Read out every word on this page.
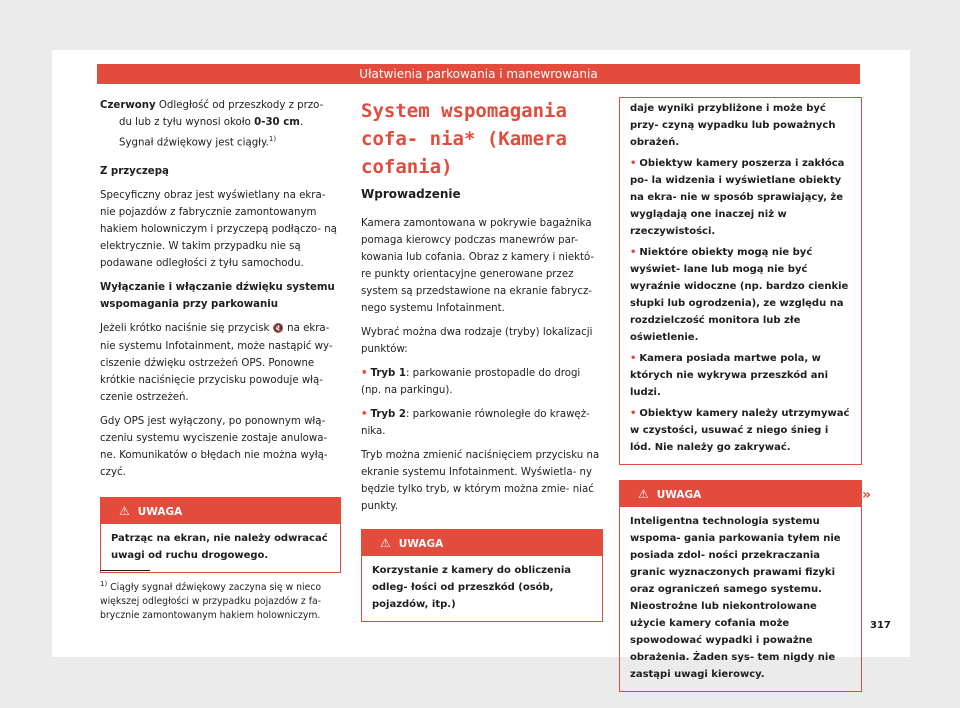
Ułatwienia parkowania i manewrowania

Czerwony Odległość od przeszkody z przo-
du lub z tyłu wynosi około 0-30 cm.
Sygnał dźwiękowy jest ciągły.$^{1)}$

Z przyczepą

Specyficzny obraz jest wyświetlany na ekra- nie pojazdów z fabrycznie zamontowanym hakiem holowniczym i przyczepą podłączo- ną elektrycznie. W takim przypadku nie są podawane odległości z tyłu samochodu.

Wyłączanie i włączanie dźwięku systemu wspomagania przy parkowaniu

Jeżeli krótko naciśnie się przycisk 🔇 na ekra- nie systemu Infotainment, może nastąpić wy- ciszenie dźwięku ostrzeżeń OPS. Ponowne krótkie naciśnięcie przycisku powoduje włą- czenie ostrzeżeń.

Gdy OPS jest wyłączony, po ponownym włą- czeniu systemu wyciszenie zostaje anulowa- ne. Komunikatów o błędach nie można wyłą- czyć.

⚠ UWAGA
Patrząc na ekran, nie należy odwracać uwagi od ruchu drogowego.
$^{1)}$ Ciągły sygnał dźwiękowy zaczyna się w nieco większej odległości w przypadku pojazdów z fa- brycznie zamontowanym hakiem holowniczym.
System wspomagania cofa- nia* (Kamera cofania)
Wprowadzenie

Kamera zamontowana w pokrywie bagażnika pomaga kierowcy podczas manewrów par- kowania lub cofania. Obraz z kamery i niektó- re punkty orientacyjne generowane przez system są przedstawione na ekranie fabrycz- nego systemu Infotainment.

Wybrać można dwa rodzaje (tryby) lokalizacji punktów:

• Tryb 1: parkowanie prostopadle do drogi (np. na parkingu).

• Tryb 2: parkowanie równoległe do krawęż- nika.

Tryb można zmienić naciśnięciem przycisku na ekranie systemu Infotainment. Wyświetla- ny będzie tylko tryb, w którym można zmie- niać punkty.

⚠ UWAGA
Korzystanie z kamery do obliczenia odleg- łości od przeszkód (osób, pojazdów, itp.)
daje wyniki przybliżone i może być przy- czyną wypadku lub poważnych obrażeń.
• Obiektyw kamery poszerza i zakłóca po- la widzenia i wyświetlane obiekty na ekra- nie w sposób sprawiający, że wyglądają one inaczej niż w rzeczywistości.
• Niektóre obiekty mogą nie być wyświet- lane lub mogą nie być wyraźnie widoczne (np. bardzo cienkie słupki lub ogrodzenia), ze względu na rozdzielczość monitora lub złe oświetlenie.
• Kamera posiada martwe pola, w których nie wykrywa przeszkód ani ludzi.
• Obiektyw kamery należy utrzymywać w czystości, usuwać z niego śnieg i lód. Nie należy go zakrywać.
⚠ UWAGA
Inteligentna technologia systemu wspoma- gania parkowania tyłem nie posiada zdol- ności przekraczania granic wyznaczonych prawami fizyki oraz ograniczeń samego systemu. Nieostrożne lub niekontrolowane użycie kamery cofania może spowodować wypadki i poważne obrażenia. Żaden sys- tem nigdy nie zastąpi uwagi kierowcy.
»
317
